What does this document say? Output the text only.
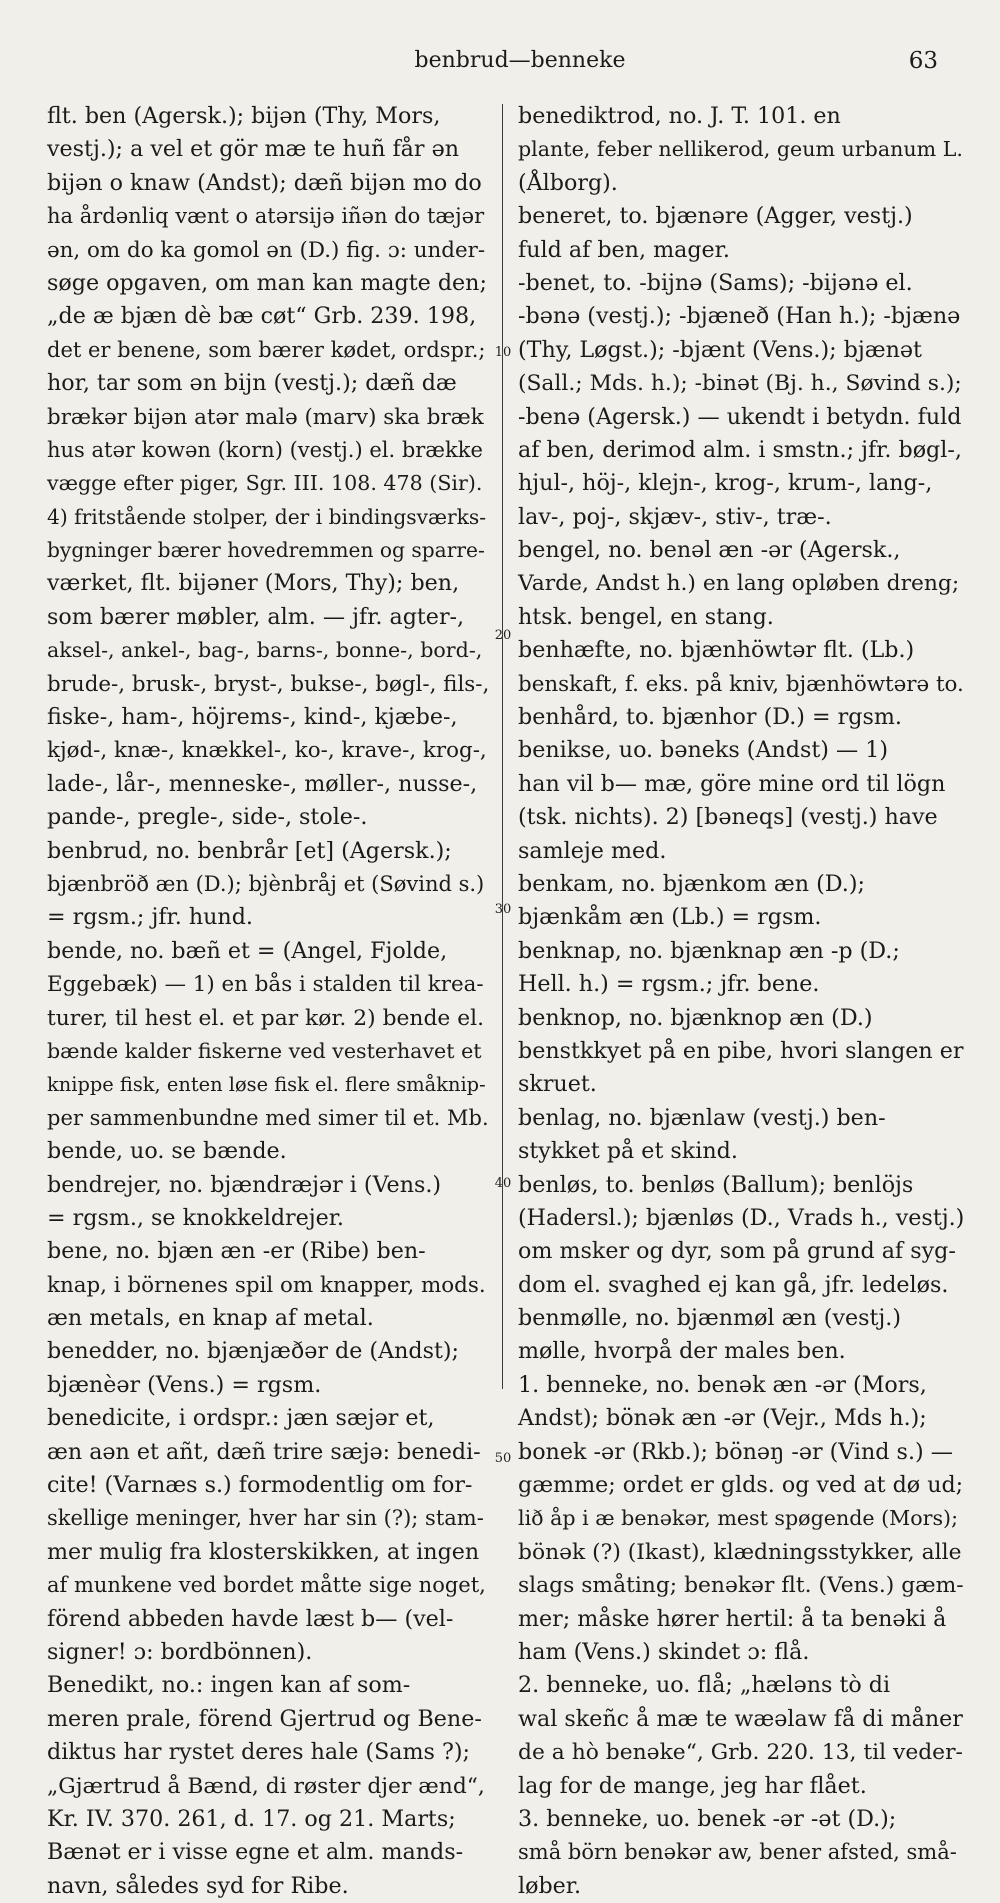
benbrud—benneke	63
flt. ben (Agersk.); bijən (Thy, Mors,
vestj.); a vel et gör mæ te huñ får ən
bijən o knaw (Andst); dæñ bijən mo do
ha årdənliq vænt o atərsijə iñən do tæjər
ən, om do ka gomol ən (D.) fig. ɔ: under-
søge opgaven, om man kan magte den;
„de æ bjæn dè bæ cøt“ Grb. 239. 198,
det er benene, som bærer kødet, ordspr.;
hor, tar som ən bijn (vestj.); dæñ dæ
brækər bijən atər malə (marv) ska bræk
hus atər kowən (korn) (vestj.) el. brække
vægge efter piger, Sgr. III. 108. 478 (Sir).
4) fritstående stolper, der i bindingsværks-
bygninger bærer hovedremmen og sparre-
værket, flt. bijəner (Mors, Thy); ben,
som bærer møbler, alm. — jfr. agter-,
aksel-, ankel-, bag-, barns-, bonne-, bord-,
brude-, brusk-, bryst-, bukse-, bøgl-, fils-,
fiske-, ham-, höjrems-, kind-, kjæbe-,
kjød-, knæ-, knækkel-, ko-, krave-, krog-,
lade-, lår-, menneske-, møller-, nusse-,
pande-, pregle-, side-, stole-.
benbrud, no. benbrår [et] (Agersk.);
bjænbröð æn (D.); bjènbråj et (Søvind s.)
= rgsm.; jfr. hund.
bende, no. bæñ et = (Angel, Fjolde,
Eggebæk) — 1) en bås i stalden til krea-
turer, til hest el. et par kør. 2) bende el.
bænde kalder fiskerne ved vesterhavet et
knippe fisk, enten løse fisk el. flere småknip-
per sammenbundne med simer til et. Mb.
bende, uo. se bænde.
bendrejer, no. bjændræjər i (Vens.)
= rgsm., se knokkeldrejer.
bene, no. bjæn æn -er (Ribe) ben-
knap, i börnenes spil om knapper, mods.
æn metals, en knap af metal.
benedder, no. bjænjæðər de (Andst);
bjænèər (Vens.) = rgsm.
benedicite, i ordspr.: jæn sæjər et,
æn aən et añt, dæñ trire sæjə: benedi-
cite! (Varnæs s.) formodentlig om for-
skellige meninger, hver har sin (?); stam-
mer mulig fra klosterskikken, at ingen
af munkene ved bordet måtte sige noget,
förend abbeden havde læst b— (vel-
signer! ɔ: bordbönnen).
Benedikt, no.: ingen kan af som-
meren prale, förend Gjertrud og Bene-
diktus har rystet deres hale (Sams ?);
„Gjærtrud å Bænd, di røster djer ænd“,
Kr. IV. 370. 261, d. 17. og 21. Marts;
Bænət er i visse egne et alm. mands-
navn, således syd for Ribe.
benediktrod, no. J. T. 101. en
plante, feber nellikerod, geum urbanum L.
(Ålborg).
beneret, to. bjænəre (Agger, vestj.)
fuld af ben, mager.
-benet, to. -bijnə (Sams); -bijənə el.
-bənə (vestj.); -bjæneð (Han h.); -bjænə
(Thy, Løgst.); -bjænt (Vens.); bjænət
(Sall.; Mds. h.); -binət (Bj. h., Søvind s.);
-benə (Agersk.) — ukendt i betydn. fuld
af ben, derimod alm. i smstn.; jfr. bøgl-,
hjul-, höj-, klejn-, krog-, krum-, lang-,
lav-, poj-, skjæv-, stiv-, træ-.
bengel, no. benəl æn -ər (Agersk.,
Varde, Andst h.) en lang opløben dreng;
htsk. bengel, en stang.
benhæfte, no. bjænhöwtər flt. (Lb.)
benskaft, f. eks. på kniv, bjænhöwtərə to.
benhård, to. bjænhor (D.) = rgsm.
benikse, uo. bəneks (Andst) — 1)
han vil b— mæ, göre mine ord til lögn
(tsk. nichts). 2) [bəneqs] (vestj.) have
samleje med.
benkam, no. bjænkom æn (D.);
bjænkåm æn (Lb.) = rgsm.
benknap, no. bjænknap æn -p (D.;
Hell. h.) = rgsm.; jfr. bene.
benknop, no. bjænknop æn (D.)
benstkkyet på en pibe, hvori slangen er
skruet.
benlag, no. bjænlaw (vestj.) ben-
stykket på et skind.
benløs, to. benløs (Ballum); benlöjs
(Hadersl.); bjænløs (D., Vrads h., vestj.)
om msker og dyr, som på grund af syg-
dom el. svaghed ej kan gå, jfr. ledeløs.
benmølle, no. bjænmøl æn (vestj.)
mølle, hvorpå der males ben.
1. benneke, no. benək æn -ər (Mors,
Andst); bönək æn -ər (Vejr., Mds h.);
bonek -ər (Rkb.); bönəŋ -ər (Vind s.) —
gæmme; ordet er glds. og ved at dø ud;
lið åp i æ benəkər, mest spøgende (Mors);
bönək (?) (Ikast), klædningsstykker, alle
slags småting; benəkər flt. (Vens.) gæm-
mer; måske hører hertil: å ta benəki å
ham (Vens.) skindet ɔ: flå.
2. benneke, uo. flå; „hæləns tò di
wal skeñc å mæ te wæəlaw få di måner
de a hò benəke“, Grb. 220. 13, til veder-
lag for de mange, jeg har flået.
3. benneke, uo. benek -ər -ət (D.);
små börn benəkər aw, bener afsted, små-
løber.
10
20
30
40
50
